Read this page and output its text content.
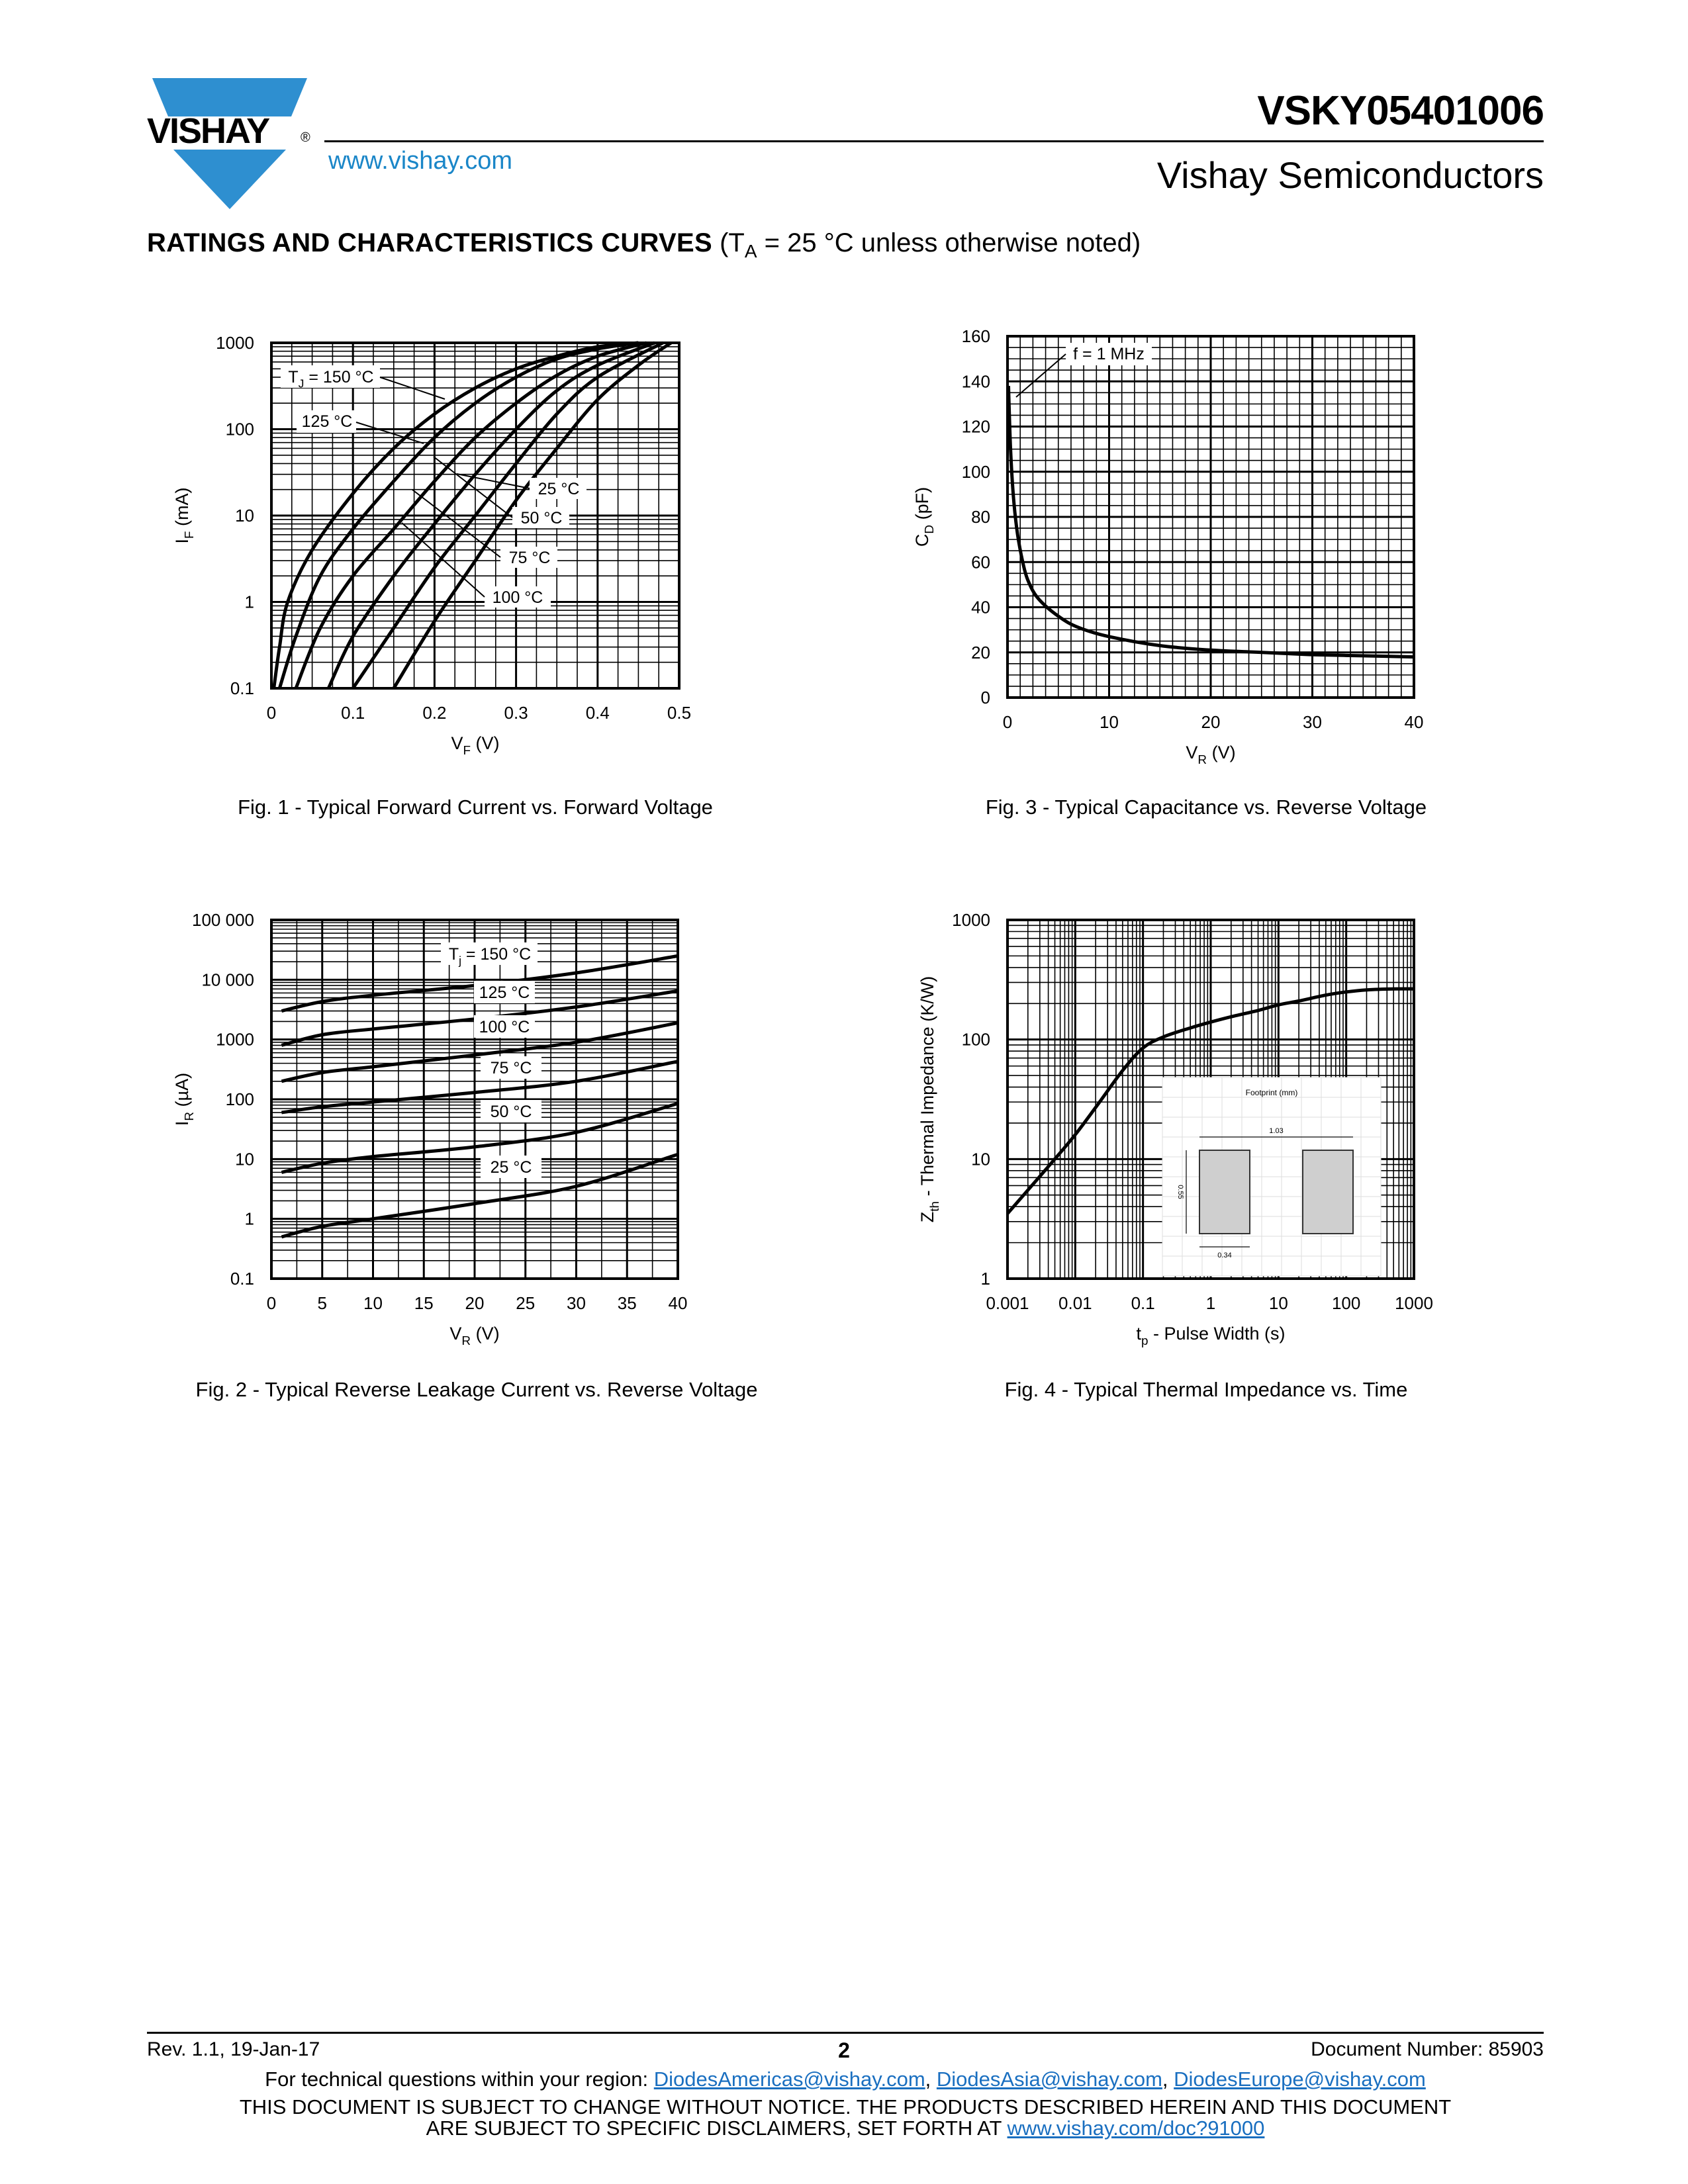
VISHAY ®
VSKY05401006
www.vishay.com	Vishay Semiconductors
RATINGS AND CHARACTERISTICS CURVES ($T_A = 25$ °C unless otherwise noted)
0.1
1
10
100
1000
0	0.1	0.2	0.3	0.4	0.5
$V_F$ (V)
$I_F$ (mA)
0
20
40
60
80
100
120
140
160
0	10	20	30	40
$V_R$ (V)
$C_D$ (pF)
0.1
1
10
100
1000
10 000
100 000
0 5 10 15 20 25 30 35 40
$V_R$ (V)
$I_R$ (µA)	Footprint (mm)
1.03
0.34
0.55
1
10
100
1000
0.001 0.01 0.1	1	10	100 1000
$t_p$ - Pulse Width (s)
$Z_{th}$ - Thermal Impedance (K/W)
$T_J = 150$ °C
125 °C
25 °C
50 °C
75 °C
100 °C
f = 1 MHz
$T_j = 150$ °C
125 °C
100 °C
75 °C
50 °C
25 °C
Fig. 1 - Typical Forward Current vs. Forward Voltage	Fig. 3 - Typical Capacitance vs. Reverse Voltage
Fig. 2 - Typical Reverse Leakage Current vs. Reverse Voltage	Fig. 4 - Typical Thermal Impedance vs. Time
Rev. 1.1, 19-Jan-17	2	Document Number: 85903
For technical questions within your region: DiodesAmericas@vishay.com, DiodesAsia@vishay.com, DiodesEurope@vishay.com
THIS DOCUMENT IS SUBJECT TO CHANGE WITHOUT NOTICE. THE PRODUCTS DESCRIBED HEREIN AND THIS DOCUMENT
ARE SUBJECT TO SPECIFIC DISCLAIMERS, SET FORTH AT www.vishay.com/doc?91000
